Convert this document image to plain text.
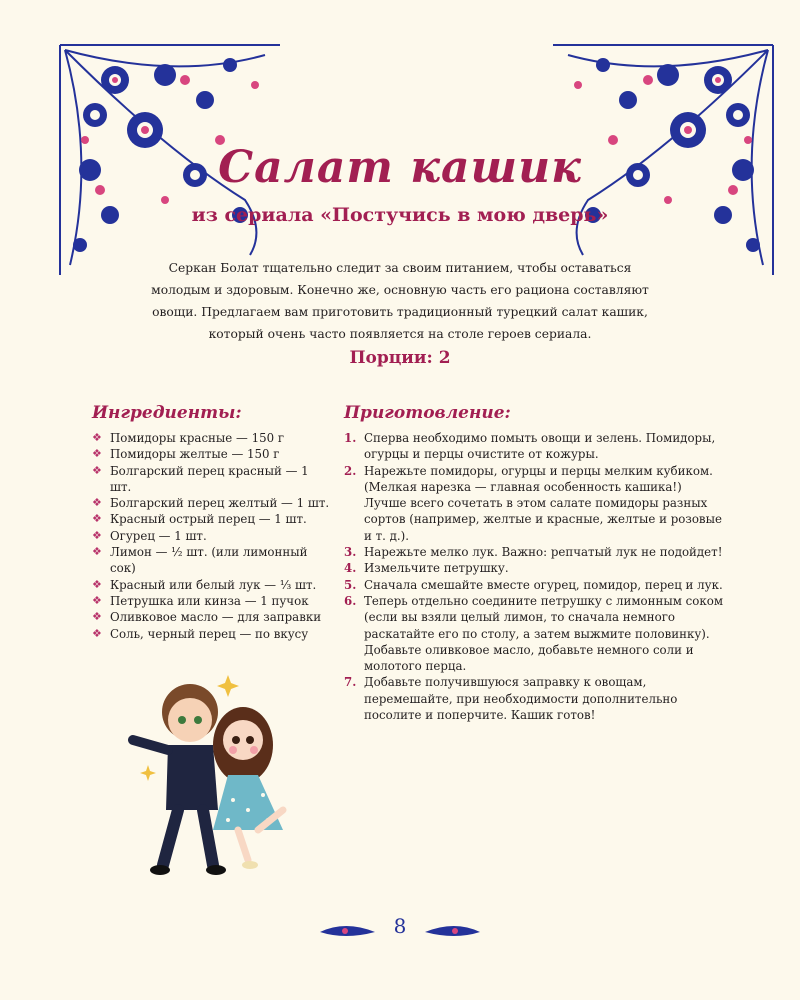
Салат кашик
из сериала «Постучись в мою дверь»
Серкан Болат тщательно следит за своим питанием, чтобы оставаться молодым и здоровым. Конечно же, основную часть его рациона составляют овощи. Предлагаем вам приготовить традиционный турецкий салат кашик, который очень часто появляется на столе героев сериала.
Порции: 2
Ингредиенты:
❖ Помидоры красные — 150 г
❖ Помидоры желтые — 150 г
❖ Болгарский перец красный — 1 шт.
❖ Болгарский перец желтый — 1 шт.
❖ Красный острый перец — 1 шт.
❖ Огурец — 1 шт.
❖ Лимон — ½ шт. (или лимонный сок)
❖ Красный или белый лук — ⅓ шт.
❖ Петрушка или кинза — 1 пучок
❖ Оливковое масло — для заправки
❖ Соль, черный перец — по вкусу
Приготовление:
1. Сперва необходимо помыть овощи и зелень. Помидоры, огурцы и перцы очистите от кожуры.
2. Нарежьте помидоры, огурцы и перцы мелким кубиком. (Мелкая нарезка — главная особенность кашика!) Лучше всего сочетать в этом салате помидоры разных сортов (например, желтые и красные, желтые и розовые и т. д.).
3. Нарежьте мелко лук. Важно: репчатый лук не подойдет!
4. Измельчите петрушку.
5. Сначала смешайте вместе огурец, помидор, перец и лук.
6. Теперь отдельно соедините петрушку с лимонным соком (если вы взяли целый лимон, то сначала немного раскатайте его по столу, а затем выжмите половинку). Добавьте оливковое масло, добавьте немного соли и молотого перца.
7. Добавьте получившуюся заправку к овощам, перемешайте, при необходимости дополнительно посолите и поперчите. Кашик готов!
8
